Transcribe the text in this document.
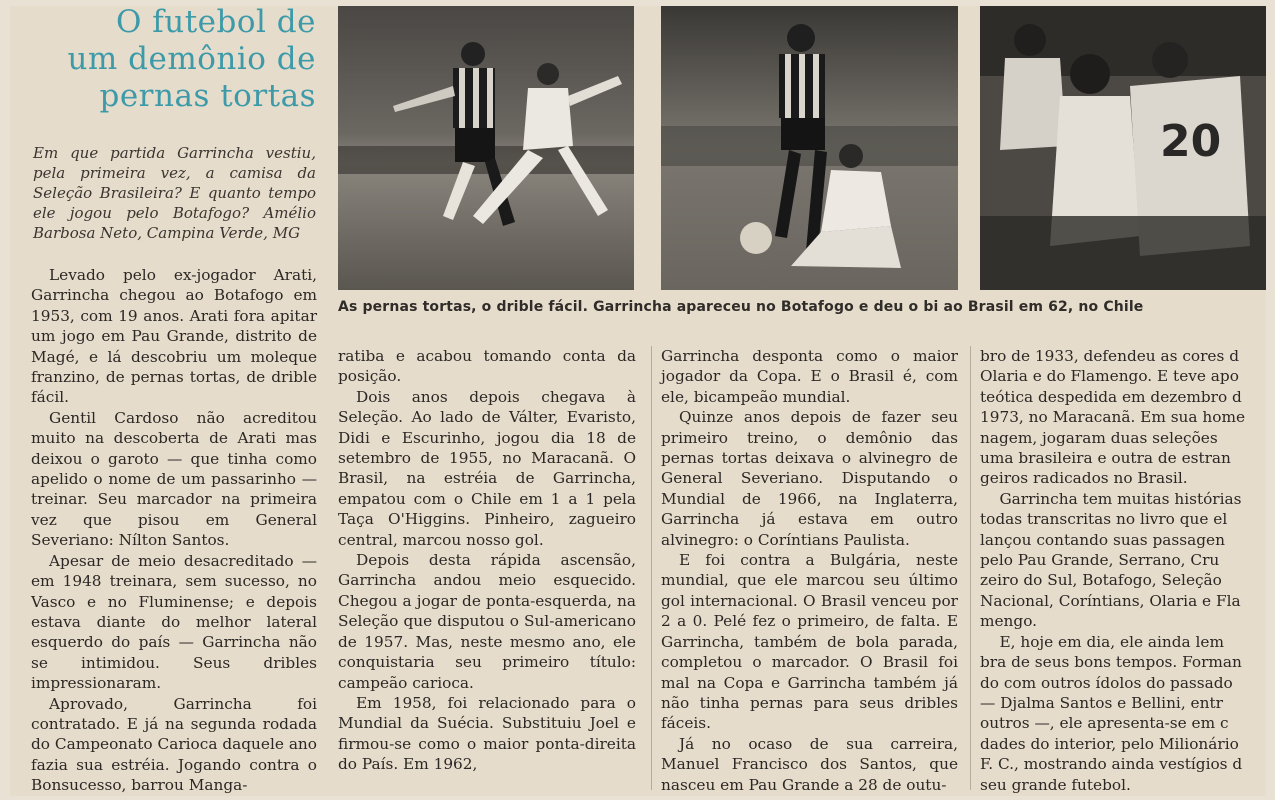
O futebol de
um demônio de
pernas tortas
Em que partida Garrincha vestiu, pela primeira vez, a camisa da Seleção Brasileira? E quanto tempo ele jogou pelo Botafogo? Amélio Barbosa Neto, Campina Verde, MG
20
As pernas tortas, o drible fácil. Garrincha apareceu no Botafogo e deu o bi ao Brasil em 62, no Chile

Levado pelo ex-jogador Arati, Garrincha chegou ao Botafogo em 1953, com 19 anos. Arati fora apitar um jogo em Pau Grande, distrito de Magé, e lá descobriu um moleque franzino, de pernas tortas, de drible fácil.

Gentil Cardoso não acreditou muito na descoberta de Arati mas deixou o garoto — que tinha como apelido o nome de um passarinho — treinar. Seu marcador na primeira vez que pisou em General Severiano: Nílton Santos.

Apesar de meio desacreditado — em 1948 treinara, sem sucesso, no Vasco e no Fluminense; e depois estava diante do melhor lateral esquerdo do país — Garrincha não se intimidou. Seus dribles impressionaram.

Aprovado, Garrincha foi contratado. E já na segunda rodada do Campeonato Carioca daquele ano fazia sua estréia. Jogando contra o Bonsucesso, barrou Manga-

ratiba e acabou tomando conta da posição.

Dois anos depois chegava à Seleção. Ao lado de Válter, Evaristo, Didi e Escurinho, jogou dia 18 de setembro de 1955, no Maracanã. O Brasil, na estréia de Garrincha, empatou com o Chile em 1 a 1 pela Taça O'Higgins. Pinheiro, zagueiro central, marcou nosso gol.

Depois desta rápida ascensão, Garrincha andou meio esquecido. Chegou a jogar de ponta-esquerda, na Seleção que disputou o Sul-americano de 1957. Mas, neste mesmo ano, ele conquistaria seu primeiro título: campeão carioca.

Em 1958, foi relacionado para o Mundial da Suécia. Substituiu Joel e firmou-se como o maior ponta-direita do País. Em 1962,

Garrincha desponta como o maior jogador da Copa. E o Brasil é, com ele, bicampeão mundial.

Quinze anos depois de fazer seu primeiro treino, o demônio das pernas tortas deixava o alvinegro de General Severiano. Disputando o Mundial de 1966, na Inglaterra, Garrincha já estava em outro alvinegro: o Coríntians Paulista.

E foi contra a Bulgária, neste mundial, que ele marcou seu último gol internacional. O Brasil venceu por 2 a 0. Pelé fez o primeiro, de falta. E Garrincha, também de bola parada, completou o marcador. O Brasil foi mal na Copa e Garrincha também já não tinha pernas para seus dribles fáceis.

Já no ocaso de sua carreira, Manuel Francisco dos Santos, que nasceu em Pau Grande a 28 de outu-

bro de 1933, defendeu as cores d

Olaria e do Flamengo. E teve apo

teótica despedida em dezembro d

1973, no Maracanã. Em sua home

nagem, jogaram duas seleções

uma brasileira e outra de estran

geiros radicados no Brasil.

Garrincha tem muitas histórias

todas transcritas no livro que el

lançou contando suas passagen

pelo Pau Grande, Serrano, Cru

zeiro do Sul, Botafogo, Seleção

Nacional, Coríntians, Olaria e Fla

mengo.

E, hoje em dia, ele ainda lem

bra de seus bons tempos. Forman

do com outros ídolos do passado

— Djalma Santos e Bellini, entr

outros —, ele apresenta-se em c

dades do interior, pelo Milionário

F. C., mostrando ainda vestígios d

seu grande futebol.
